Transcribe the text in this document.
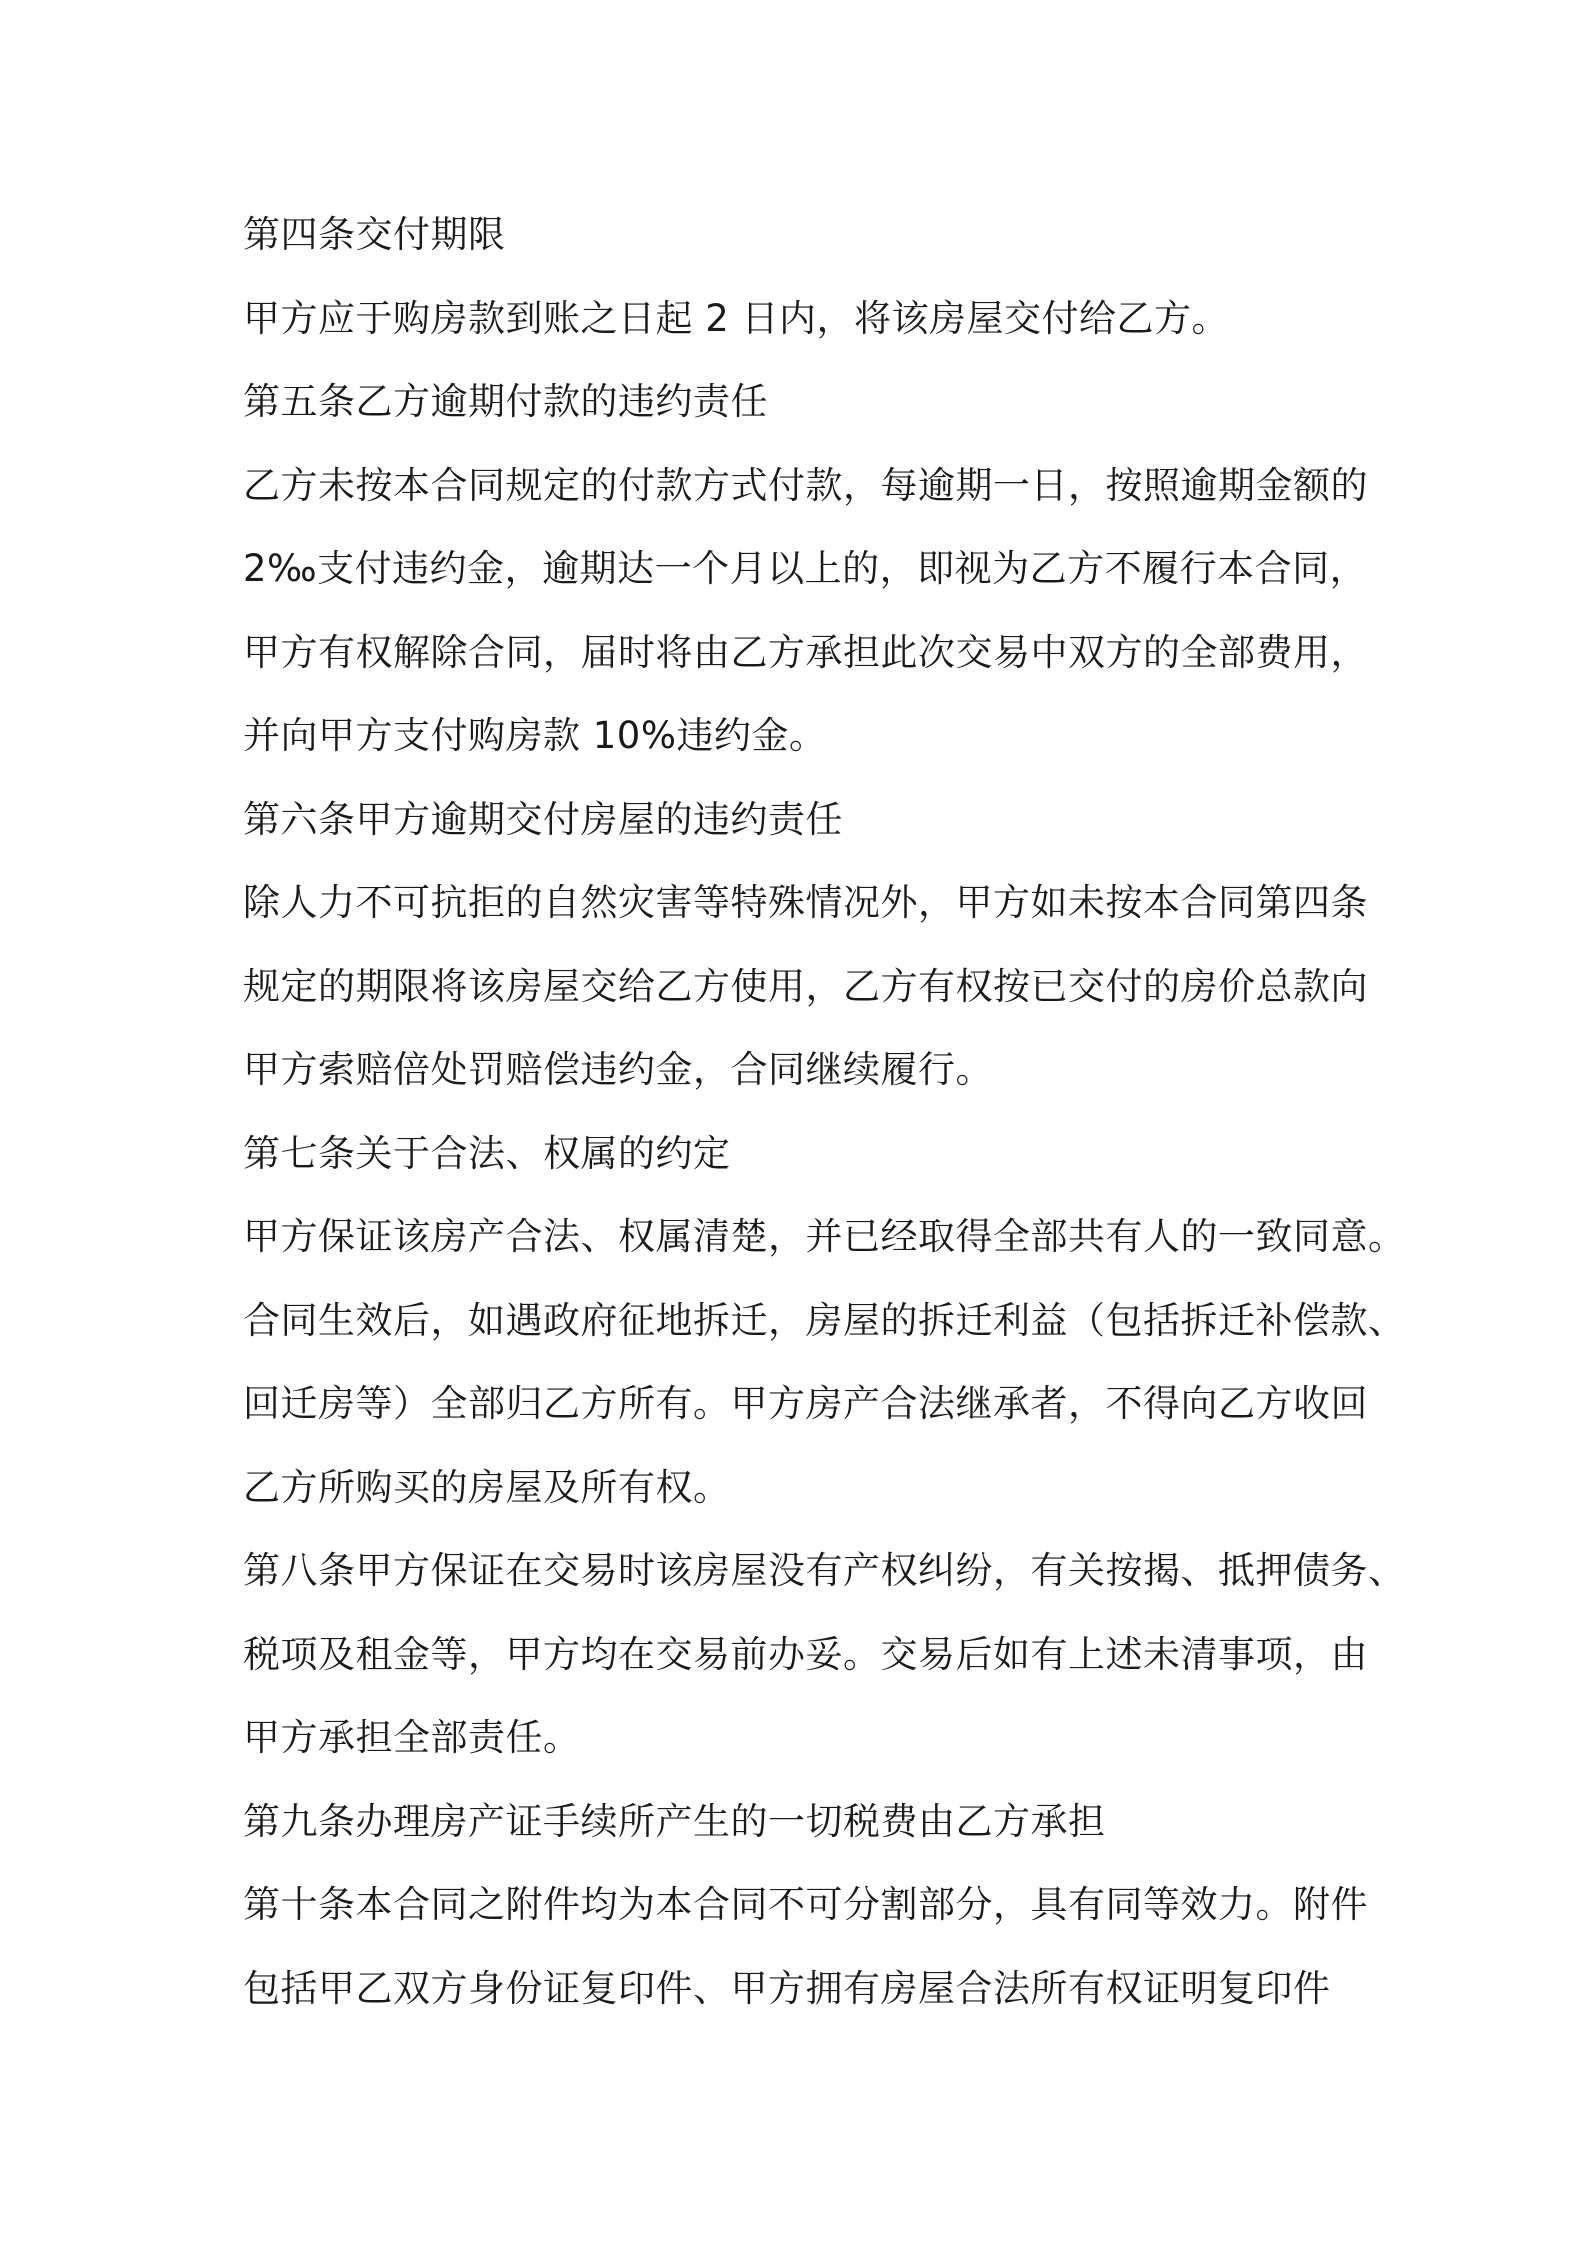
第四条交付期限
甲方应于购房款到账之日起 2 日内，将该房屋交付给乙方。
第五条乙方逾期付款的违约责任
乙方未按本合同规定的付款方式付款，每逾期一日，按照逾期金额的
2‰支付违约金，逾期达一个月以上的，即视为乙方不履行本合同，
甲方有权解除合同，届时将由乙方承担此次交易中双方的全部费用，
并向甲方支付购房款 10%违约金。
第六条甲方逾期交付房屋的违约责任
除人力不可抗拒的自然灾害等特殊情况外，甲方如未按本合同第四条
规定的期限将该房屋交给乙方使用，乙方有权按已交付的房价总款向
甲方索赔倍处罚赔偿违约金，合同继续履行。
第七条关于合法、权属的约定
甲方保证该房产合法、权属清楚，并已经取得全部共有人的一致同意。
合同生效后，如遇政府征地拆迁，房屋的拆迁利益（包括拆迁补偿款、
回迁房等）全部归乙方所有。甲方房产合法继承者，不得向乙方收回
乙方所购买的房屋及所有权。
第八条甲方保证在交易时该房屋没有产权纠纷，有关按揭、抵押债务、
税项及租金等，甲方均在交易前办妥。交易后如有上述未清事项，由
甲方承担全部责任。
第九条办理房产证手续所产生的一切税费由乙方承担
第十条本合同之附件均为本合同不可分割部分，具有同等效力。附件
包括甲乙双方身份证复印件、甲方拥有房屋合法所有权证明复印件
